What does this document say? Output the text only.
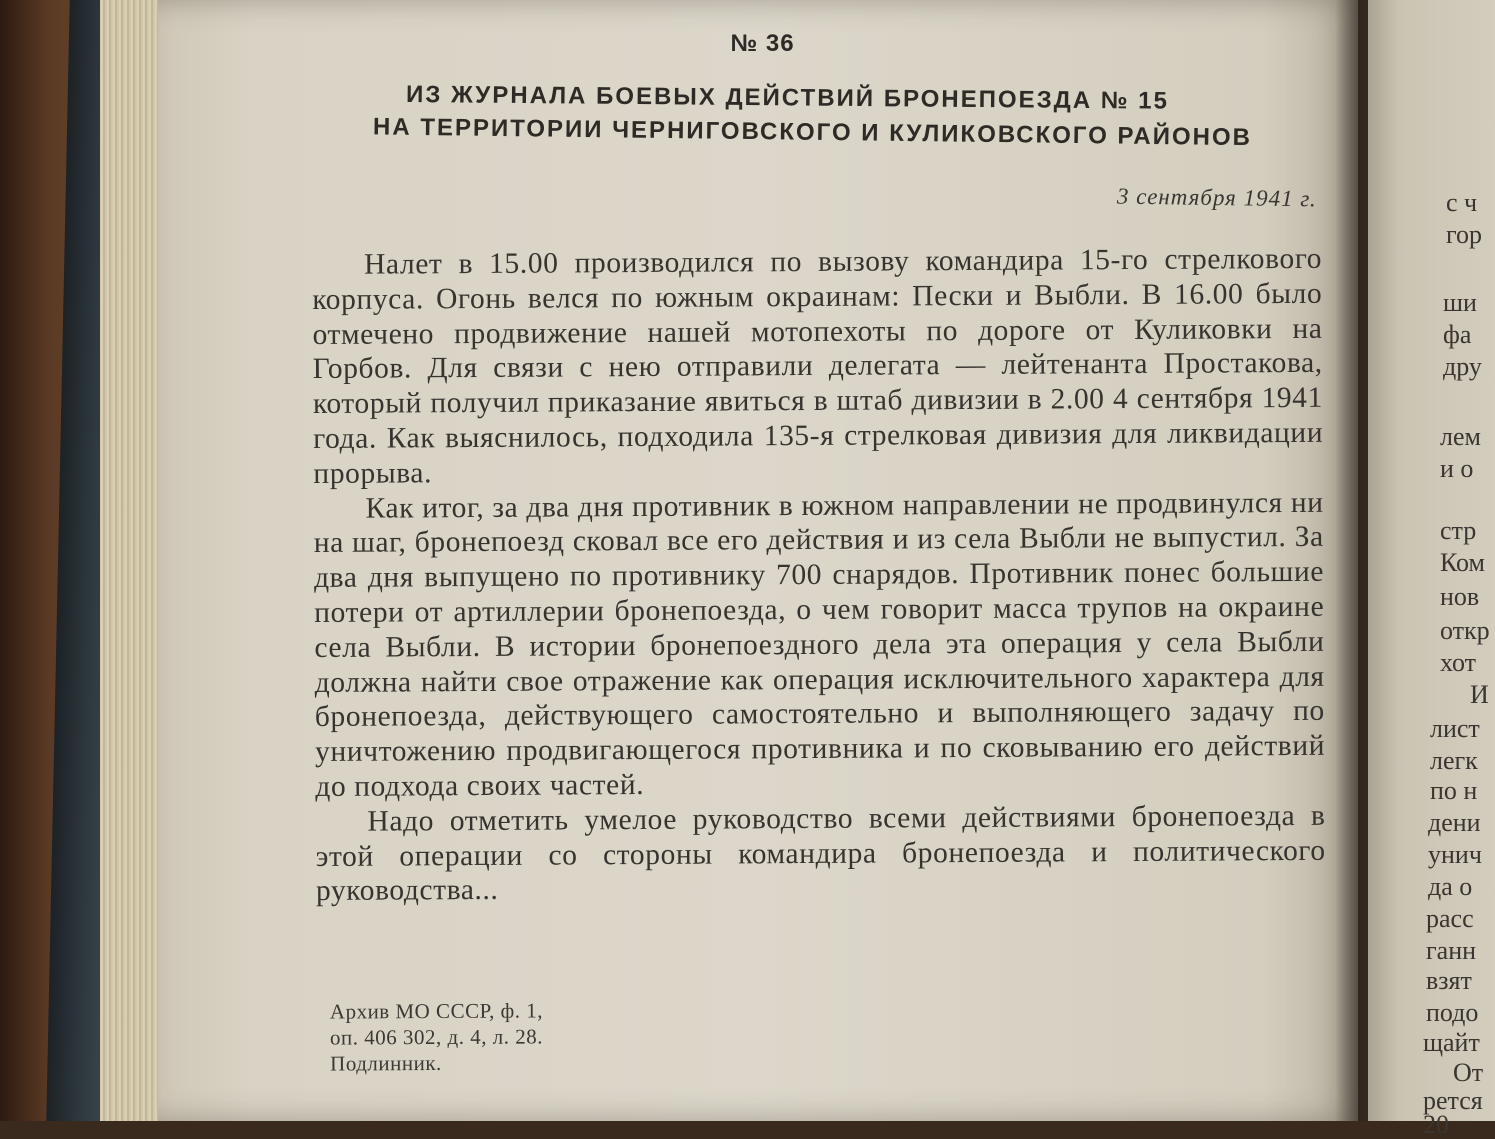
№ 36
ИЗ ЖУРНАЛА БОЕВЫХ ДЕЙСТВИЙ БРОНЕПОЕЗДА № 15
НА ТЕРРИТОРИИ ЧЕРНИГОВСКОГО И КУЛИКОВСКОГО РАЙОНОВ
3 сентября 1941 г.

Налет в 15.00 производился по вызову командира 15-го стрелкового корпуса. Огонь велся по южным окраинам: Пески и Выбли. В 16.00 было отмечено продвижение нашей мотопехоты по дороге от Куликовки на Горбов. Для связи с нею отправили делегата — лейтенанта Простакова, который получил приказание явиться в штаб дивизии в 2.00 4 сентября 1941 года. Как выяснилось, подходила 135-я стрелковая дивизия для ликвидации прорыва.

Как итог, за два дня противник в южном направлении не продвинулся ни на шаг, бронепоезд сковал все его действия и из села Выбли не выпустил. За два дня выпущено по противнику 700 снарядов. Противник понес большие потери от артиллерии бронепоезда, о чем говорит масса трупов на окраине села Выбли. В истории бронепоездного дела эта операция у села Выбли должна найти свое отражение как операция исключительного характера для бронепоезда, действующего самостоятельно и выполняющего задачу по уничтожению продвигающегося противника и по сковыванию его действий до подхода своих частей.

Надо отметить умелое руководство всеми действиями бронепоезда в этой операции со стороны командира бронепоезда и политического руководства...

Архив МО СССР, ф. 1,
оп. 406 302, д. 4, л. 28.
Подлинник.
с ч
гор
ши
фа
дру
лем
и о
стр
Ком
нов
откр
хот
И
лист
легк
по н
дени
унич
да о
расс
ганн
взят
подо
щайт
От
рется
20
